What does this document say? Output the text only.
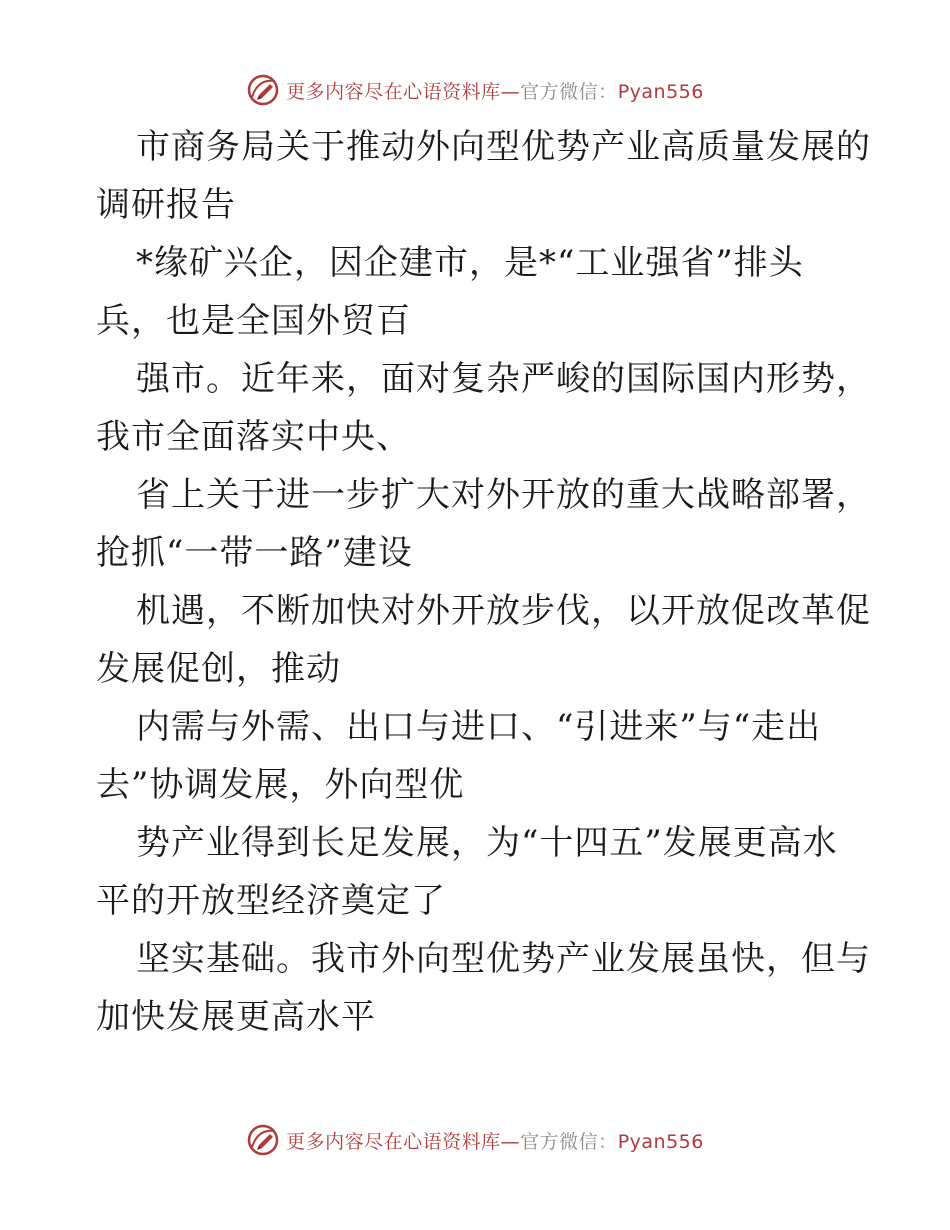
更多内容尽在心语资料库—官方微信：Pyan556
市商务局关于推动外向型优势产业高质量发展的
调研报告
*缘矿兴企，因企建市，是*“工业强省”排头
兵，也是全国外贸百
强市。近年来，面对复杂严峻的国际国内形势，
我市全面落实中央、
省上关于进一步扩大对外开放的重大战略部署，
抢抓“一带一路”建设
机遇，不断加快对外开放步伐，以开放促改革促
发展促创，推动
内需与外需、出口与进口、“引进来”与“走出
去”协调发展，外向型优
势产业得到长足发展，为“十四五”发展更高水
平的开放型经济奠定了
坚实基础。我市外向型优势产业发展虽快，但与
加快发展更高水平
更多内容尽在心语资料库—官方微信：Pyan556
